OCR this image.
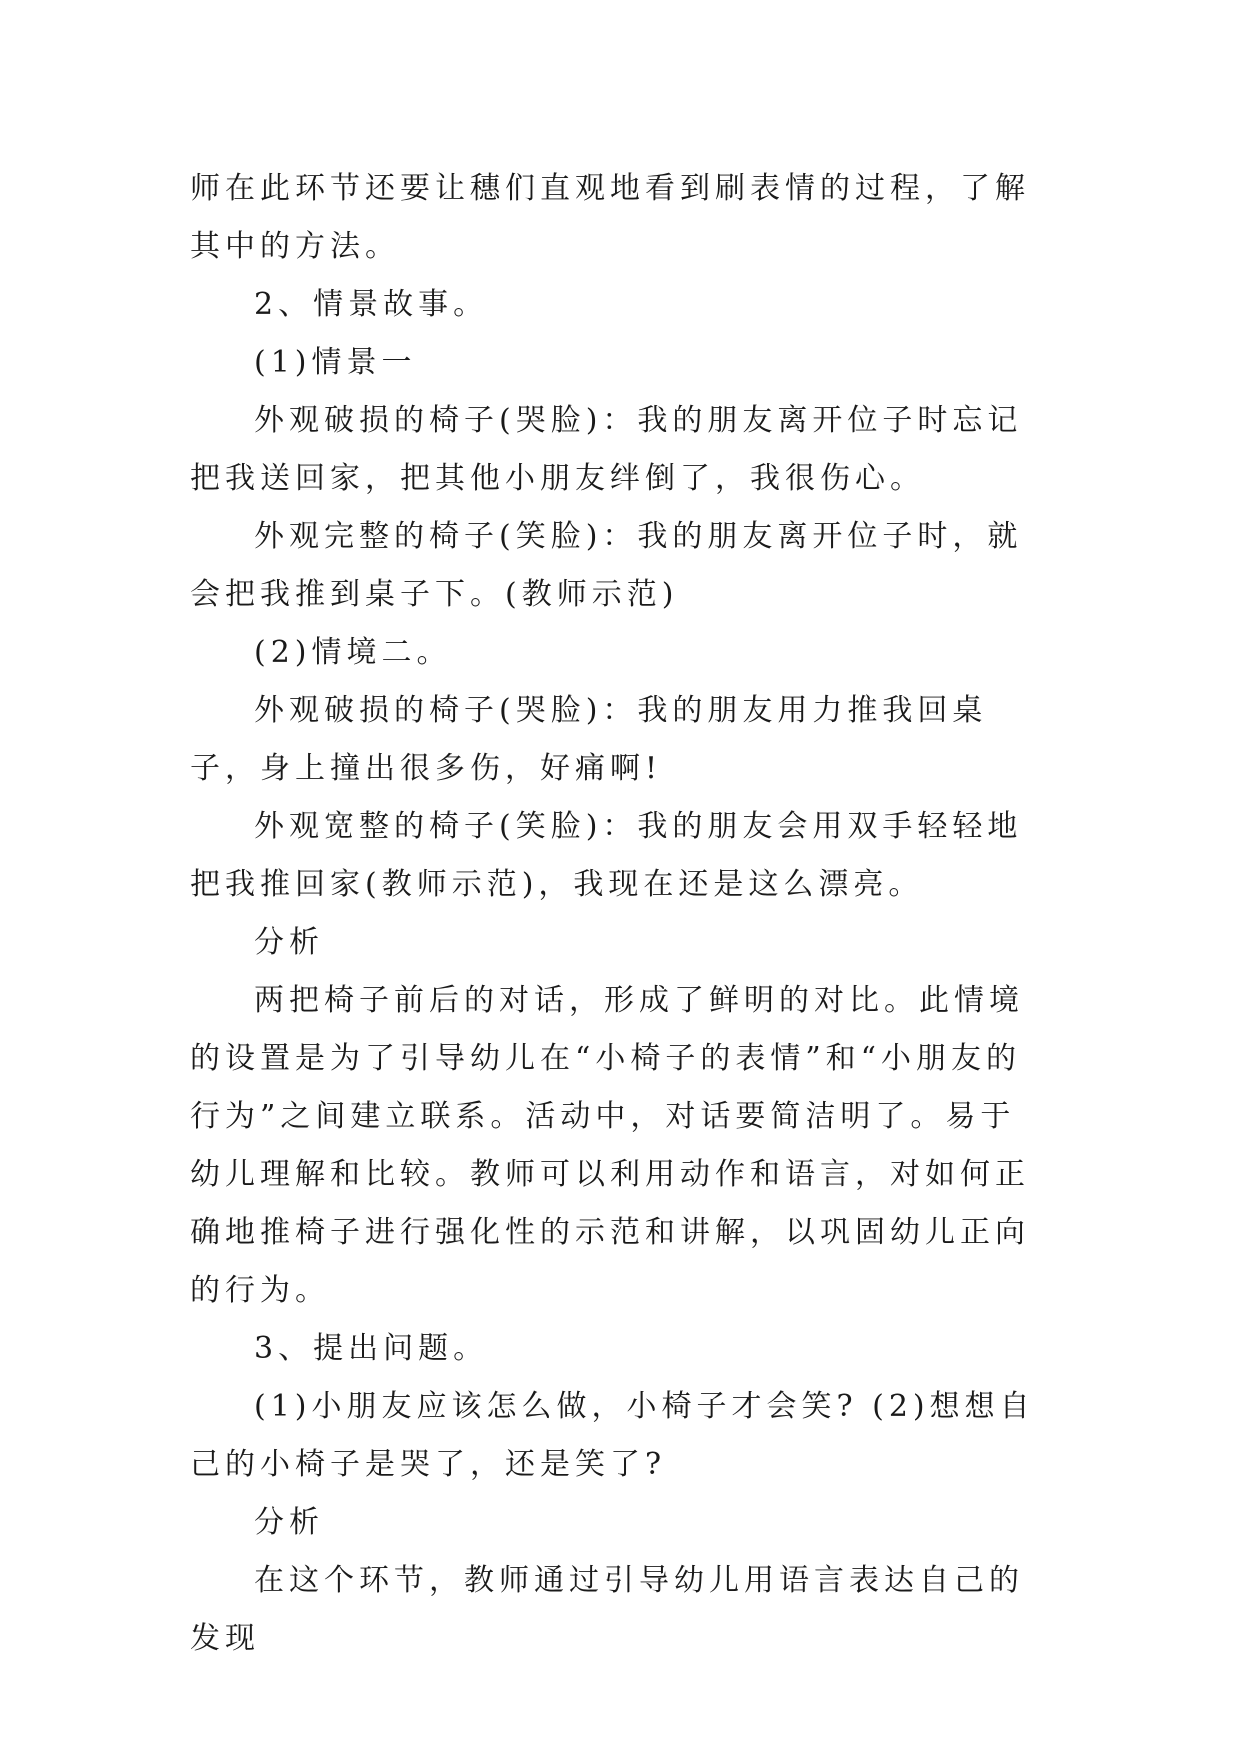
师在此环节还要让穗们直观地看到刷表情的过程，了解其中的方法。

2、情景故事。

(1)情景一

外观破损的椅子(哭脸)：我的朋友离开位子时忘记把我送回家，把其他小朋友绊倒了，我很伤心。

外观完整的椅子(笑脸)：我的朋友离开位子时，就会把我推到桌子下。(教师示范)

(2)情境二。

外观破损的椅子(哭脸)：我的朋友用力推我回桌子，身上撞出很多伤，好痛啊!

外观宽整的椅子(笑脸)：我的朋友会用双手轻轻地把我推回家(教师示范)，我现在还是这么漂亮。

分析

两把椅子前后的对话，形成了鲜明的对比。此情境的设置是为了引导幼儿在“小椅子的表情”和“小朋友的行为”之间建立联系。活动中，对话要简洁明了。易于幼儿理解和比较。教师可以利用动作和语言，对如何正确地推椅子进行强化性的示范和讲解，以巩固幼儿正向的行为。

3、提出问题。

(1)小朋友应该怎么做，小椅子才会笑? (2)想想自己的小椅子是哭了，还是笑了?

分析

在这个环节，教师通过引导幼儿用语言表达自己的发现
